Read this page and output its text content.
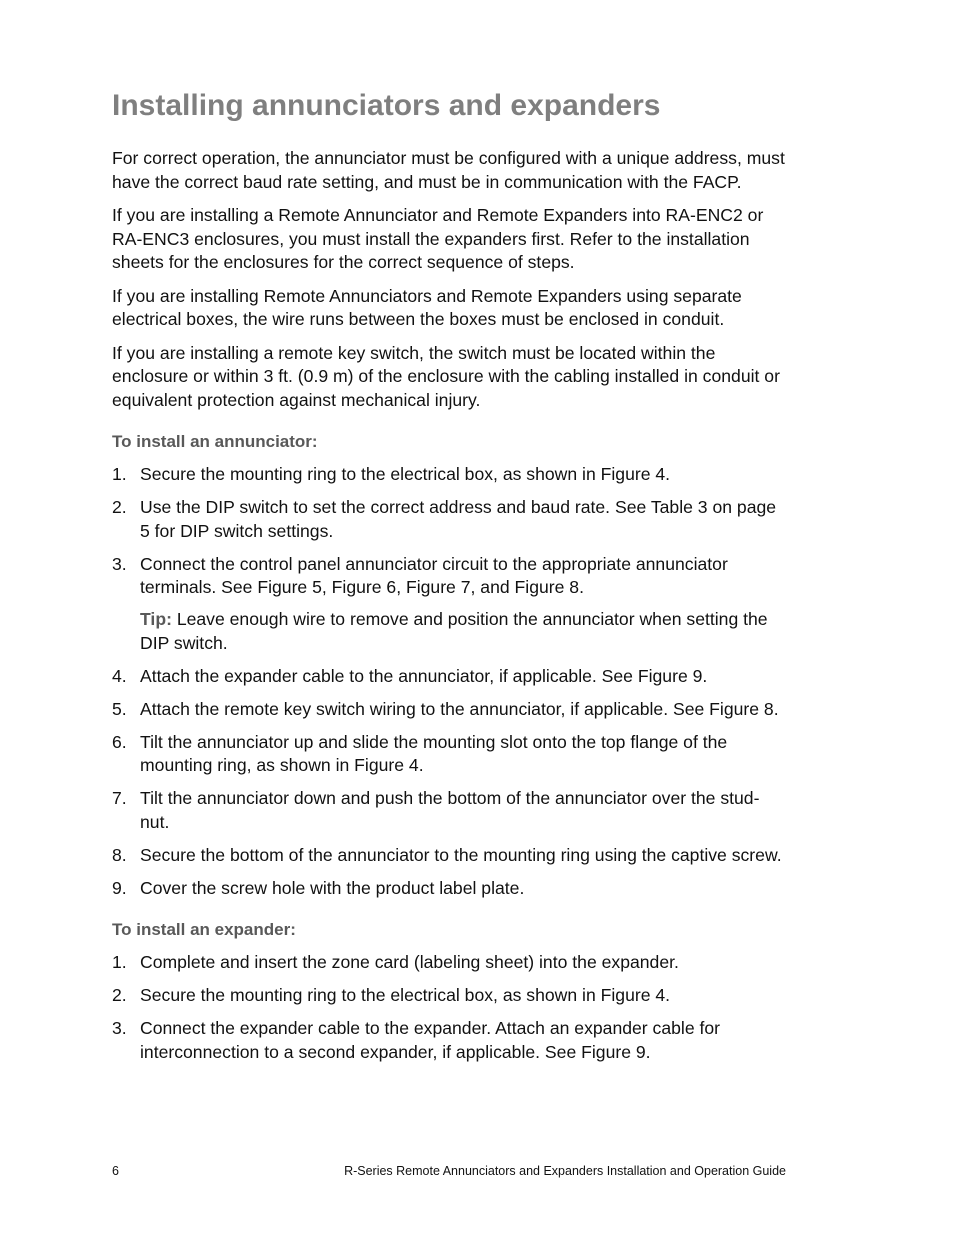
Installing annunciators and expanders

For correct operation, the annunciator must be configured with a unique address, must have the correct baud rate setting, and must be in communication with the FACP.

If you are installing a Remote Annunciator and Remote Expanders into RA-ENC2 or RA-ENC3 enclosures, you must install the expanders first. Refer to the installation sheets for the enclosures for the correct sequence of steps.

If you are installing Remote Annunciators and Remote Expanders using separate electrical boxes, the wire runs between the boxes must be enclosed in conduit.

If you are installing a remote key switch, the switch must be located within the enclosure or within 3 ft. (0.9 m) of the enclosure with the cabling installed in conduit or equivalent protection against mechanical injury.

To install an annunciator:
1. Secure the mounting ring to the electrical box, as shown in Figure 4.
2. Use the DIP switch to set the correct address and baud rate. See Table 3 on page 5 for DIP switch settings.
3. Connect the control panel annunciator circuit to the appropriate annunciator terminals. See Figure 5, Figure 6, Figure 7, and Figure 8.
Tip: Leave enough wire to remove and position the annunciator when setting the DIP switch.
4. Attach the expander cable to the annunciator, if applicable. See Figure 9.
5. Attach the remote key switch wiring to the annunciator, if applicable. See Figure 8.
6. Tilt the annunciator up and slide the mounting slot onto the top flange of the mounting ring, as shown in Figure 4.
7. Tilt the annunciator down and push the bottom of the annunciator over the stud-nut.
8. Secure the bottom of the annunciator to the mounting ring using the captive screw.
9. Cover the screw hole with the product label plate.
To install an expander:
1. Complete and insert the zone card (labeling sheet) into the expander.
2. Secure the mounting ring to the electrical box, as shown in Figure 4.
3. Connect the expander cable to the expander. Attach an expander cable for interconnection to a second expander, if applicable. See Figure 9.
6	R-Series Remote Annunciators and Expanders Installation and Operation Guide
